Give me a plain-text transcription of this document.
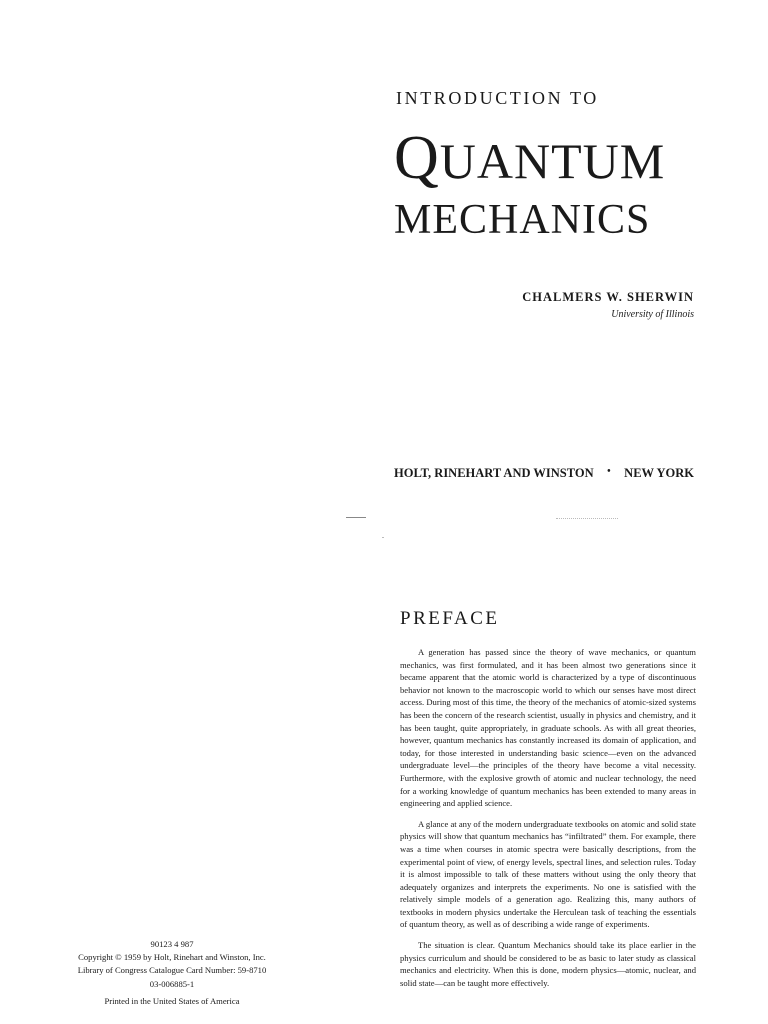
INTRODUCTION TO
QUANTUM
MECHANICS
CHALMERS W. SHERWIN
University of Illinois
HOLT, RINEHART AND WINSTON	•	NEW YORK
PREFACE

A generation has passed since the theory of wave mechanics, or quantum mechanics, was first formulated, and it has been almost two generations since it became apparent that the atomic world is characterized by a type of discontinuous behavior not known to the macroscopic world to which our senses have most direct access. During most of this time, the theory of the mechanics of atomic-sized systems has been the concern of the research scientist, usually in physics and chemistry, and it has been taught, quite appropriately, in graduate schools. As with all great theories, however, quantum mechanics has constantly increased its domain of application, and today, for those interested in understanding basic science—even on the advanced undergraduate level—the principles of the theory have become a vital necessity. Furthermore, with the explosive growth of atomic and nuclear technology, the need for a working knowledge of quantum mechanics has been extended to many areas in engineering and applied science.

A glance at any of the modern undergraduate textbooks on atomic and solid state physics will show that quantum mechanics has “infiltrated” them. For example, there was a time when courses in atomic spectra were basically descriptions, from the experimental point of view, of energy levels, spectral lines, and selection rules. Today it is almost impossible to talk of these matters without using the only theory that adequately organizes and interprets the experiments. No one is satisfied with the relatively simple models of a generation ago. Realizing this, many authors of textbooks in modern physics undertake the Herculean task of teaching the essentials of quantum theory, as well as of describing a wide range of experiments.

The situation is clear. Quantum Mechanics should take its place earlier in the physics curriculum and should be considered to be as basic to later study as classical mechanics and electricity. When this is done, modern physics—atomic, nuclear, and solid state—can be taught more effectively.

90123 4 987
Copyright © 1959 by Holt, Rinehart and Winston, Inc.
Library of Congress Catalogue Card Number: 59-8710
03-006885-1
Printed in the United States of America
